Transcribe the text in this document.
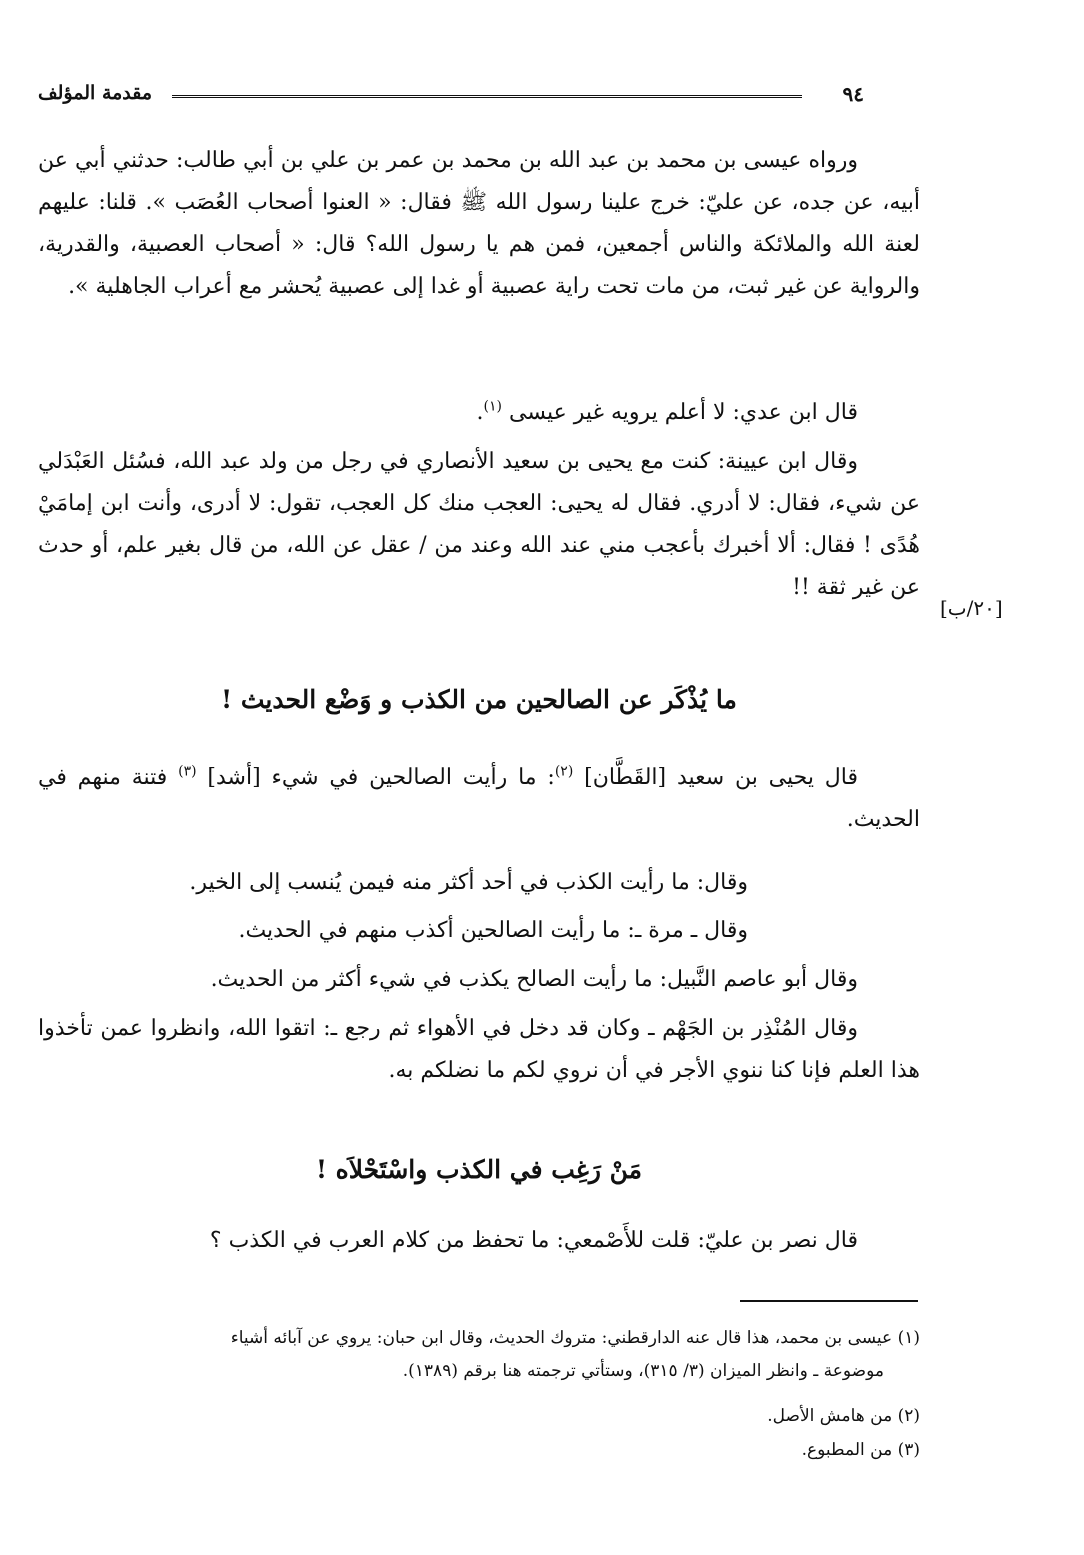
مقدمة المؤلف	٩٤

ورواه عيسى بن محمد بن عبد الله بن محمد بن عمر بن علي بن أبي طالب: حدثني أبي عن أبيه، عن جده، عن عليّ: خرج علينا رسول الله ﷺ فقال: « العنوا أصحاب العُصَب ». قلنا: عليهم لعنة الله والملائكة والناس أجمعين، فمن هم يا رسول الله؟ قال: « أصحاب العصبية، والقدرية، والرواية عن غير ثبت، من مات تحت راية عصبية أو غدا إلى عصبية يُحشر مع أعراب الجاهلية ».

قال ابن عدي: لا أعلم يرويه غير عيسى $^{(١)}$.

وقال ابن عيينة: كنت مع يحيى بن سعيد الأنصاري في رجل من ولد عبد الله، فسُئل العَبْدَلي عن شيء، فقال: لا أدري. فقال له يحيى: العجب منك كل العجب، تقول: لا أدرى، وأنت ابن إمامَيْ هُدًى ! فقال: ألا أخبرك بأعجب مني عند الله وعند من / عقل عن الله، من قال بغير علم، أو حدث عن غير ثقة !!

[٢٠/ب]
ما يُذْكَر عن الصالحين من الكذب و وَضْع الحديث !

قال يحيى بن سعيد [القَطَّان] $^{(٢)}$: ما رأيت الصالحين في شيء [أشد] $^{(٣)}$ فتنة منهم في الحديث.

وقال: ما رأيت الكذب في أحد أكثر منه فيمن يُنسب إلى الخير.

وقال ـ مرة ـ: ما رأيت الصالحين أكذب منهم في الحديث.

وقال أبو عاصم النَّبيل: ما رأيت الصالح يكذب في شيء أكثر من الحديث.

وقال المُنْذِر بن الجَهْم ـ وكان قد دخل في الأهواء ثم رجع ـ: اتقوا الله، وانظروا عمن تأخذوا هذا العلم فإنا كنا ننوي الأجر في أن نروي لكم ما نضلكم به.

مَنْ رَغِب في الكذب واسْتَحْلاَه !

قال نصر بن عليّ: قلت للأَصْمعي: ما تحفظ من كلام العرب في الكذب ؟

(١) عيسى بن محمد، هذا قال عنه الدارقطني: متروك الحديث، وقال ابن حبان: يروي عن آبائه أشياء
موضوعة ـ وانظر الميزان (٣/ ٣١٥)، وستأتي ترجمته هنا برقم (١٣٨٩).

(٢) من هامش الأصل.

(٣) من المطبوع.
